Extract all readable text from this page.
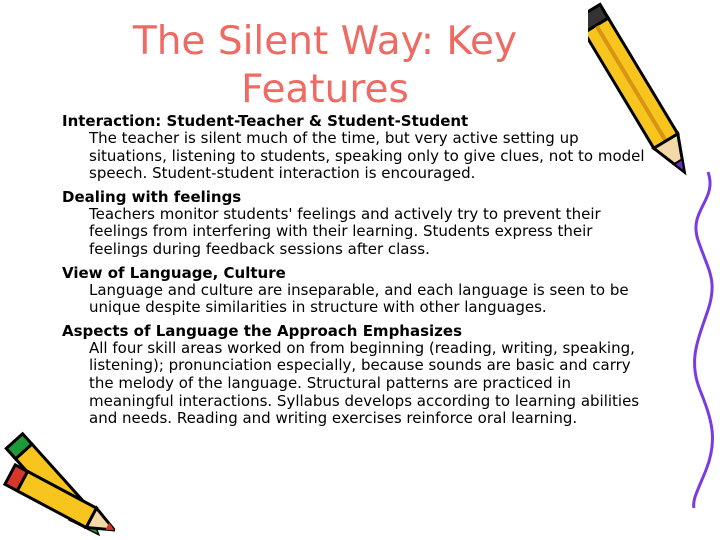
The Silent Way: Key Features
Interaction: Student-Teacher & Student-Student
The teacher is silent much of the time, but very active setting up situations, listening to students, speaking only to give clues, not to model speech. Student-student interaction is encouraged.
Dealing with feelings
Teachers monitor students' feelings and actively try to prevent their feelings from interfering with their learning. Students express their feelings during feedback sessions after class.
View of Language, Culture
Language and culture are inseparable, and each language is seen to be unique despite similarities in structure with other languages.
Aspects of Language the Approach Emphasizes
All four skill areas worked on from beginning (reading, writing, speaking, listening); pronunciation especially, because sounds are basic and carry the melody of the language. Structural patterns are practiced in meaningful interactions. Syllabus develops according to learning abilities and needs. Reading and writing exercises reinforce oral learning.
